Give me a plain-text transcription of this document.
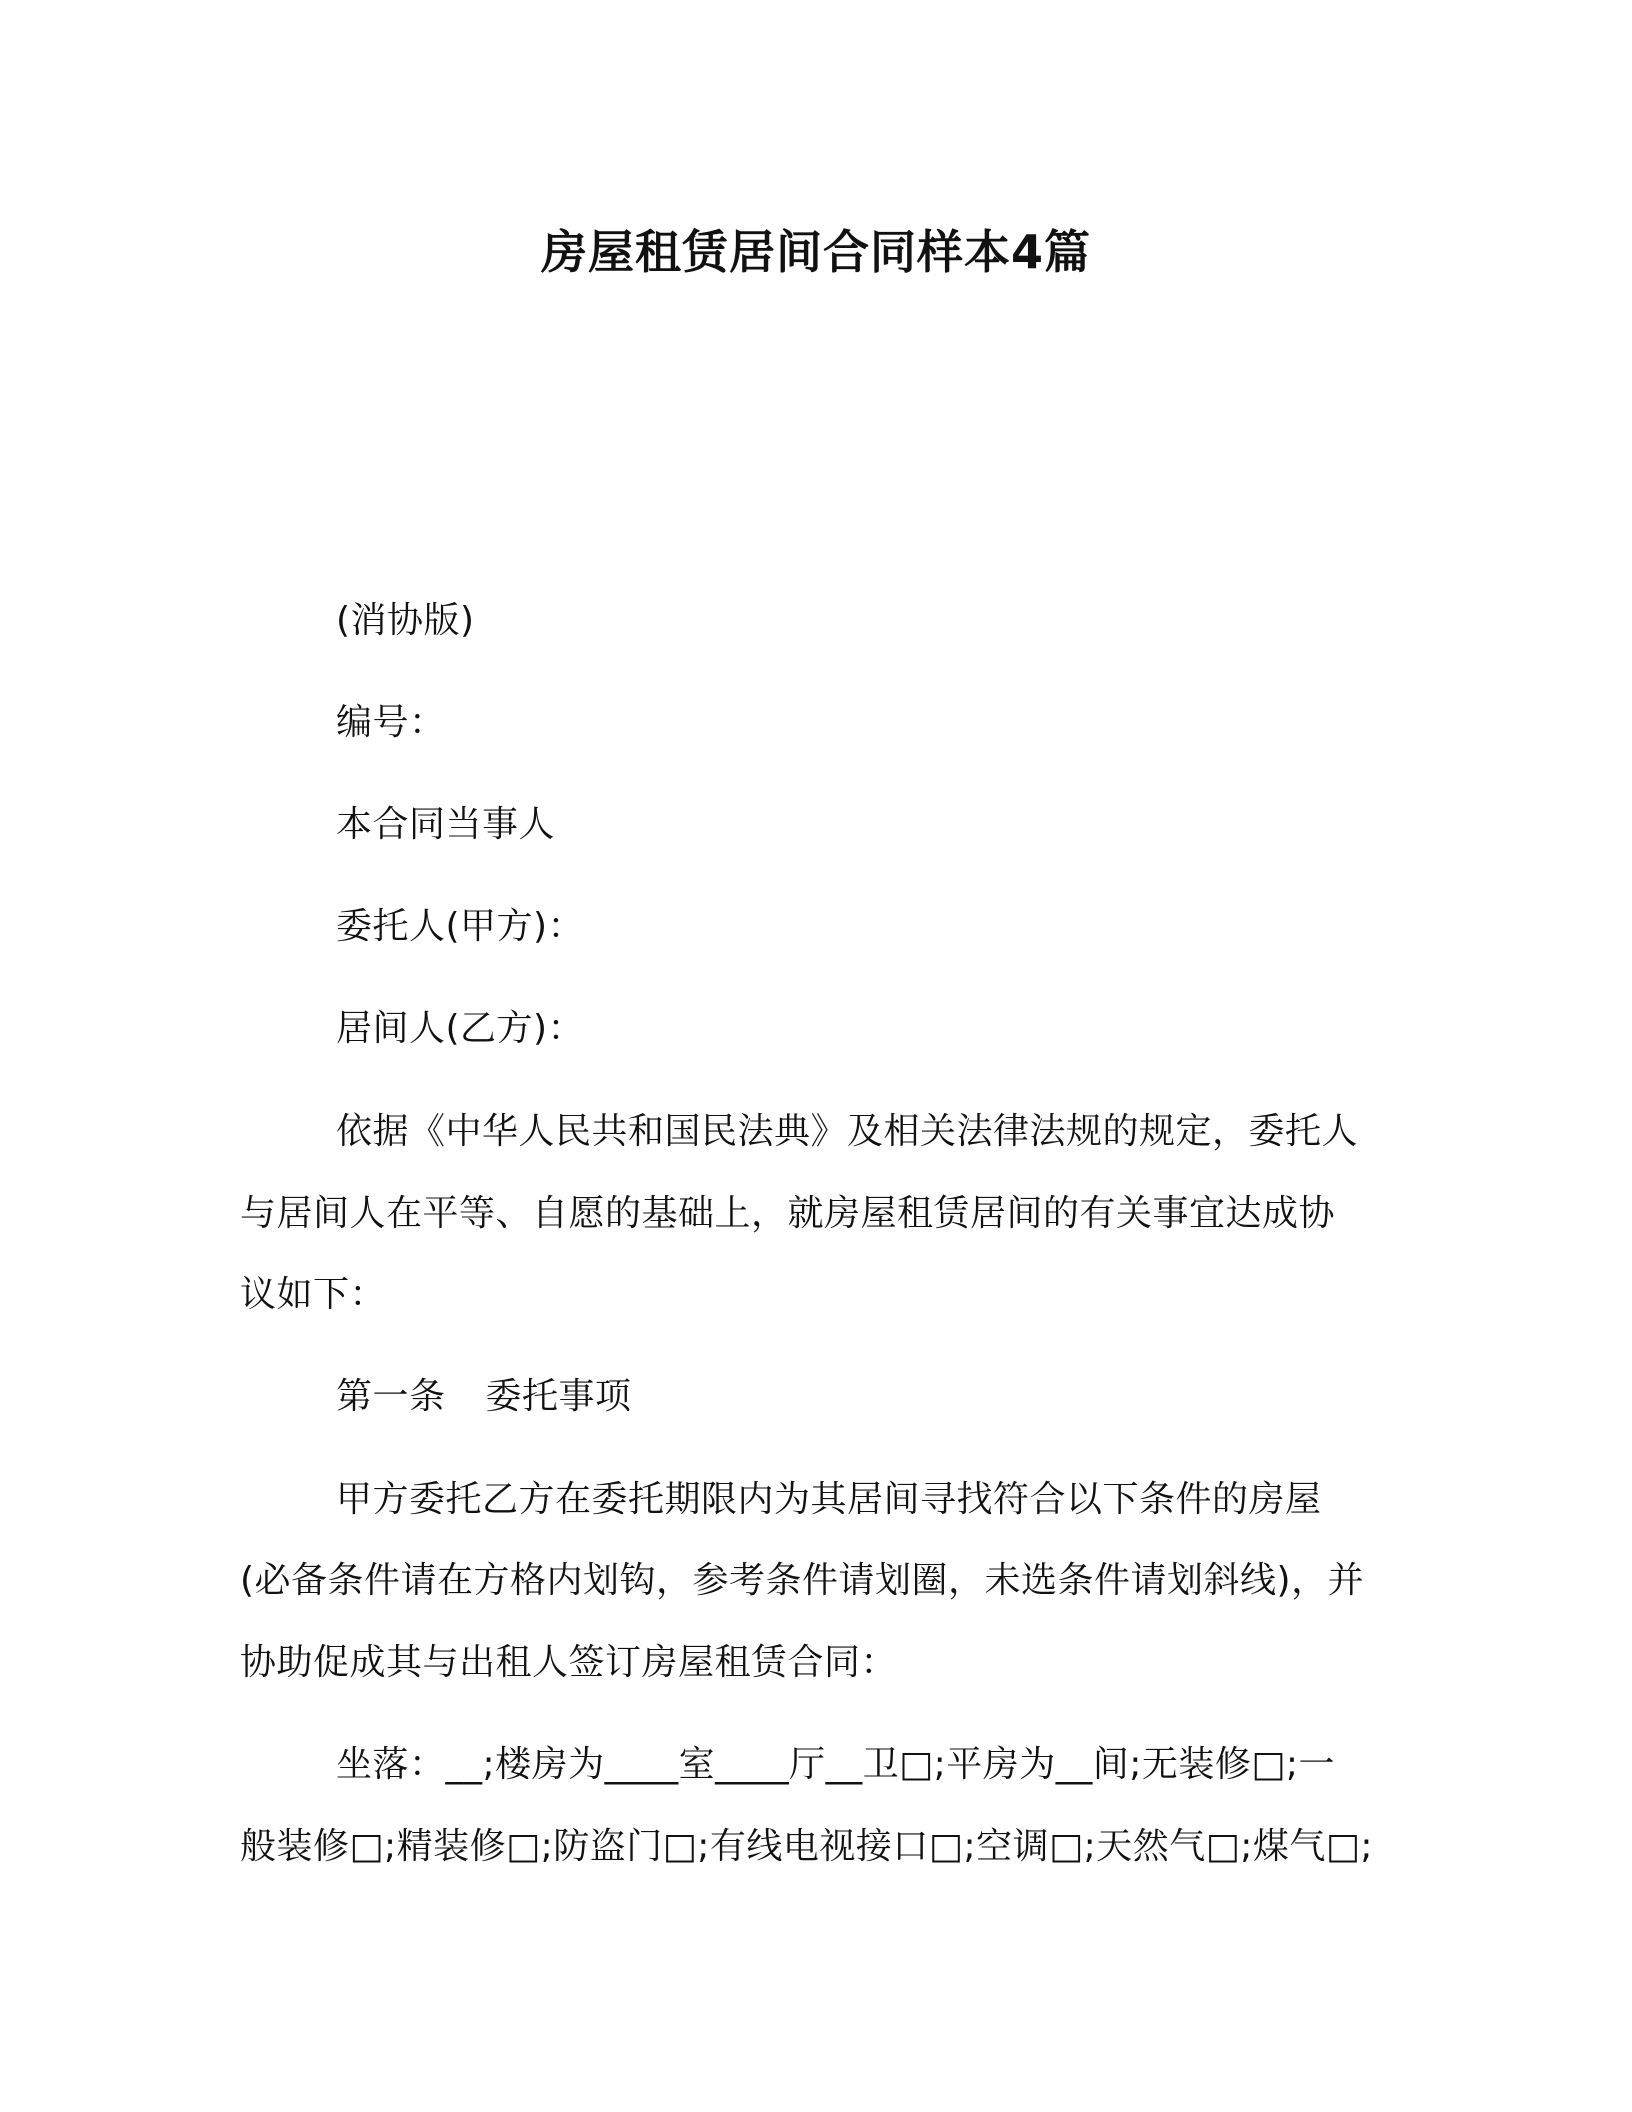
房屋租赁居间合同样本4篇
(消协版)
编号：
本合同当事人
委托人(甲方)：
居间人(乙方)：
依据《中华人民共和国民法典》及相关法律法规的规定，委托人
与居间人在平等、自愿的基础上，就房屋租赁居间的有关事宜达成协
议如下：
第一条 委托事项
甲方委托乙方在委托期限内为其居间寻找符合以下条件的房屋
(必备条件请在方格内划钩，参考条件请划圈，未选条件请划斜线)，并
协助促成其与出租人签订房屋租赁合同：
坐落：__;楼房为____室____厅__卫□;平房为__间;无装修□;一
般装修□;精装修□;防盗门□;有线电视接口□;空调□;天然气□;煤气□;
